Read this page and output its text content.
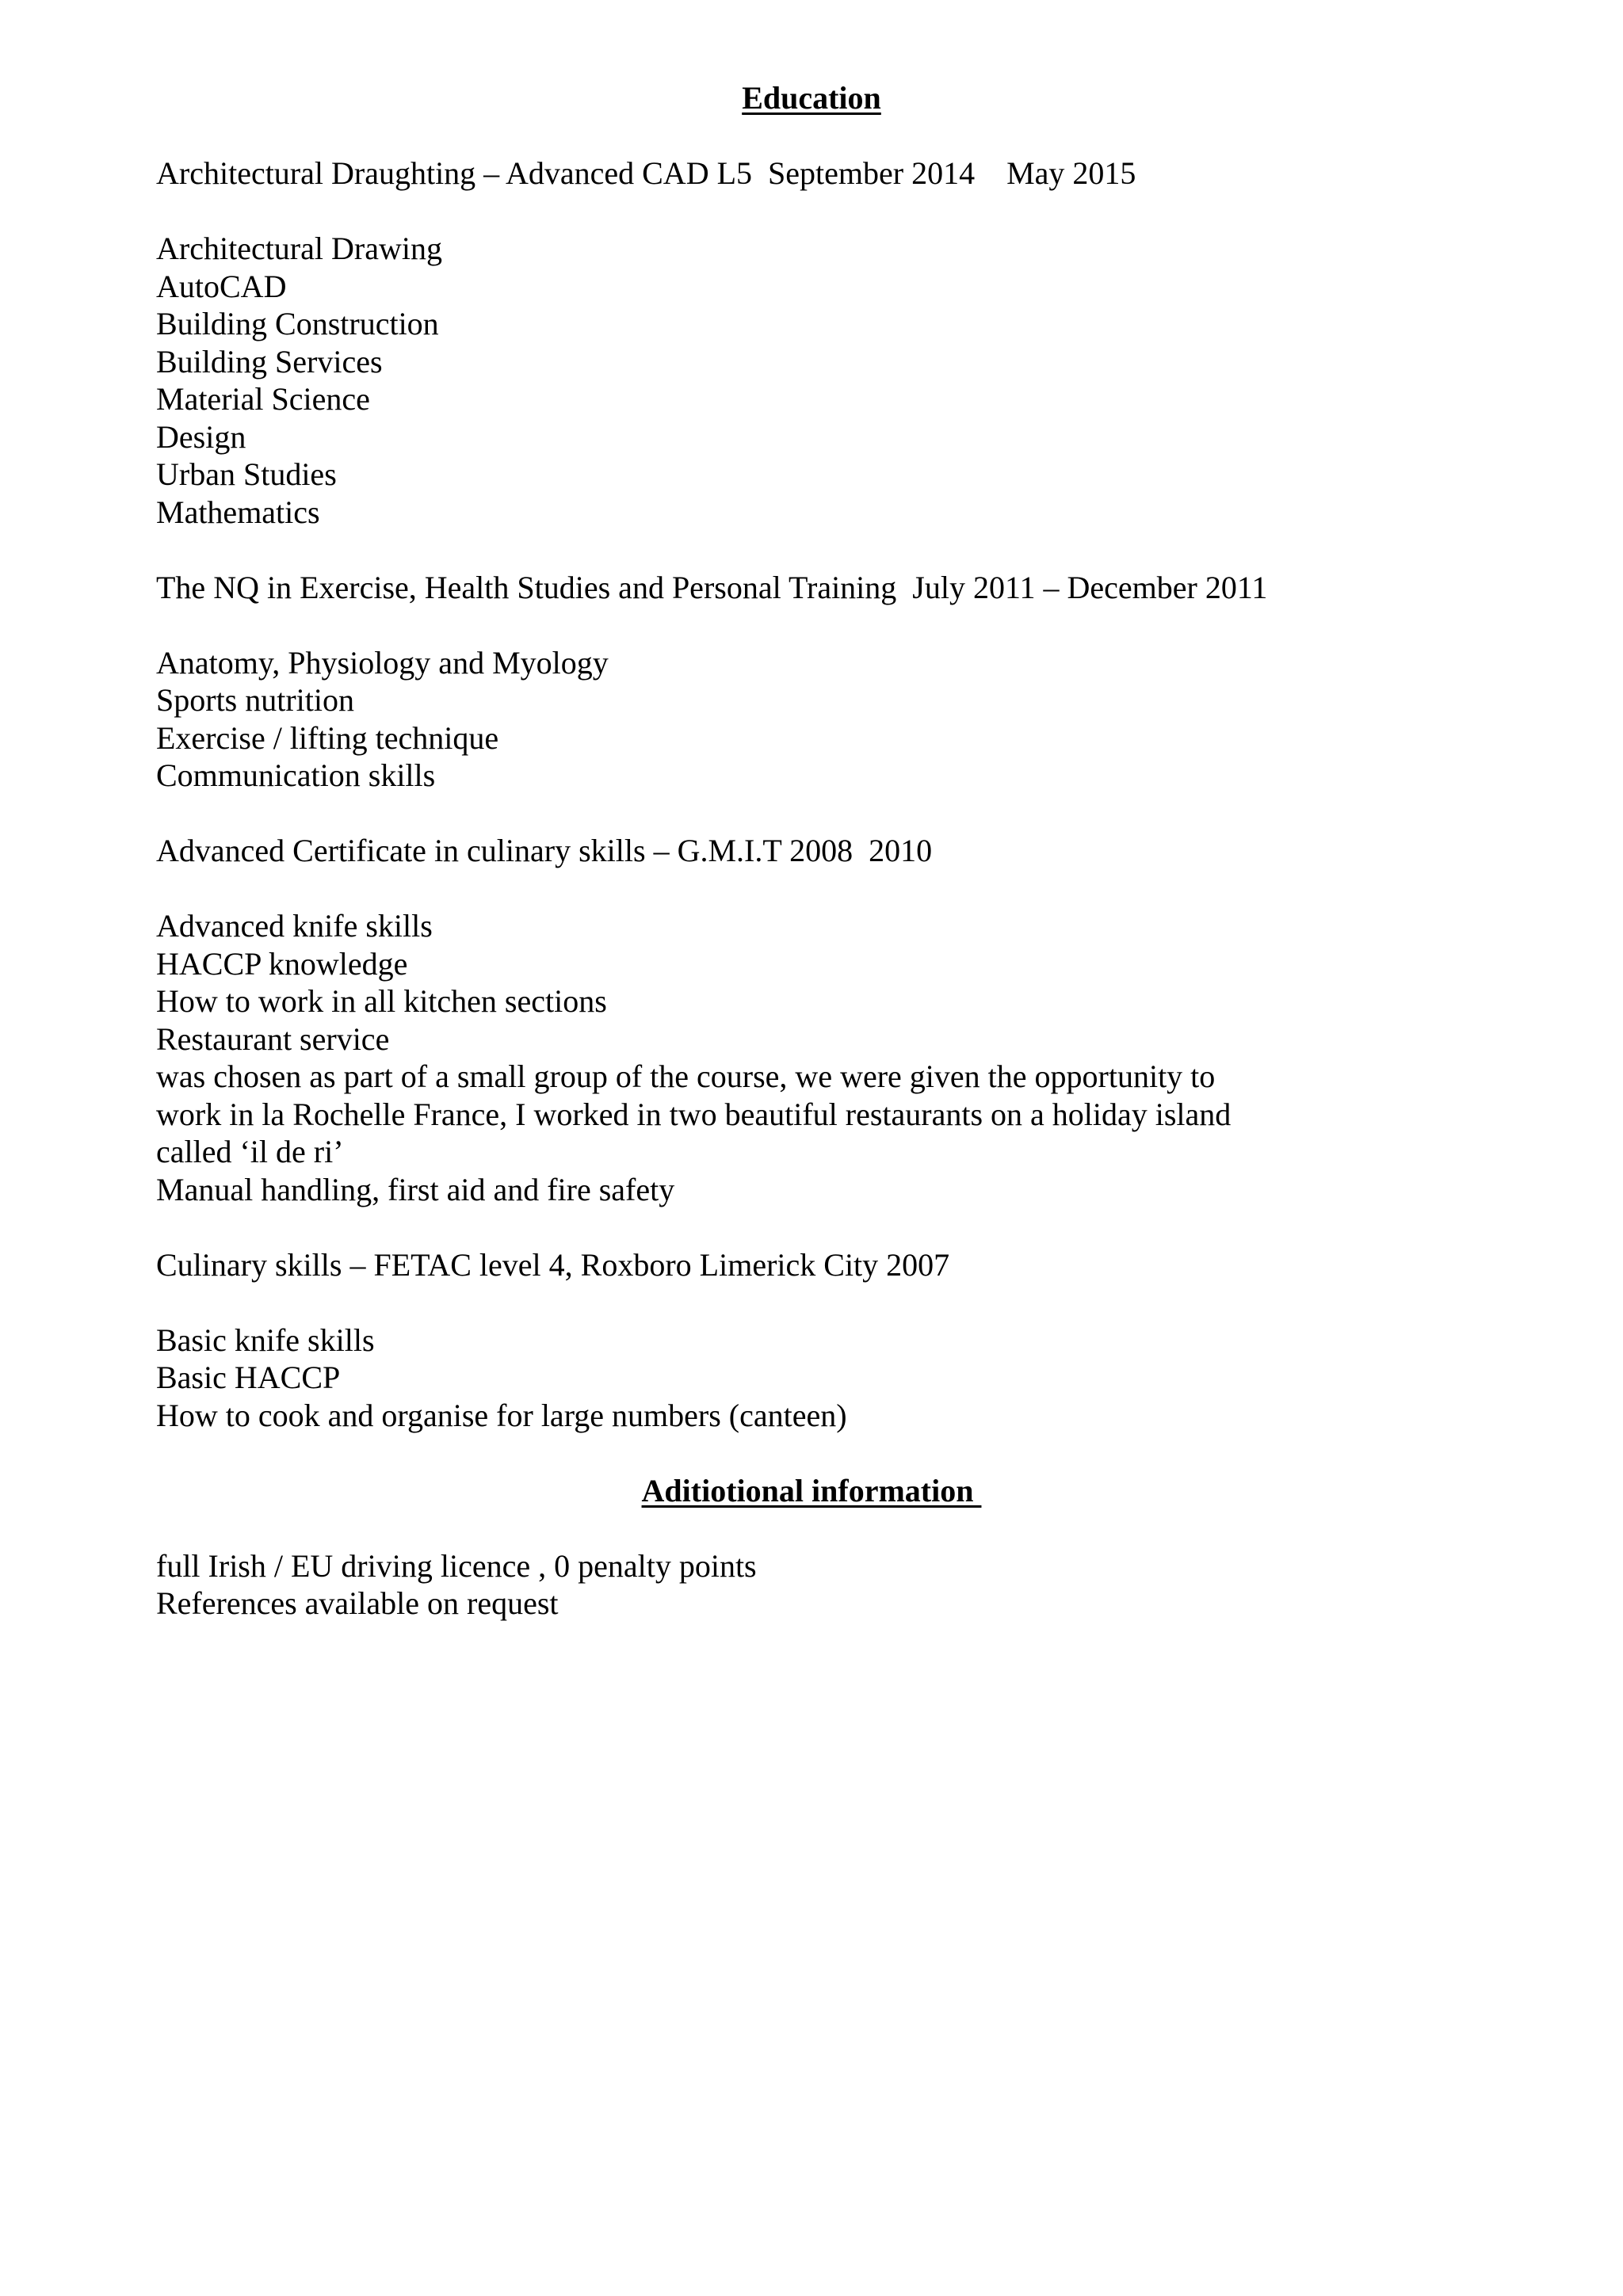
Education
Architectural Draughting – Advanced CAD L5  September 2014    May 2015
Architectural Drawing
AutoCAD
Building Construction
Building Services
Material Science
Design
Urban Studies
Mathematics
The NQ in Exercise, Health Studies and Personal Training  July 2011 – December 2011
Anatomy, Physiology and Myology
Sports nutrition
Exercise / lifting technique
Communication skills
Advanced Certificate in culinary skills – G.M.I.T 2008  2010
Advanced knife skills
HACCP knowledge
How to work in all kitchen sections
Restaurant service
was chosen as part of a small group of the course, we were given the opportunity to
work in la Rochelle France, I worked in two beautiful restaurants on a holiday island
called ‘il de ri’
Manual handling, first aid and fire safety
Culinary skills – FETAC level 4, Roxboro Limerick City 2007
Basic knife skills
Basic HACCP
How to cook and organise for large numbers (canteen)
Aditiotional information
full Irish / EU driving licence , 0 penalty points
References available on request
